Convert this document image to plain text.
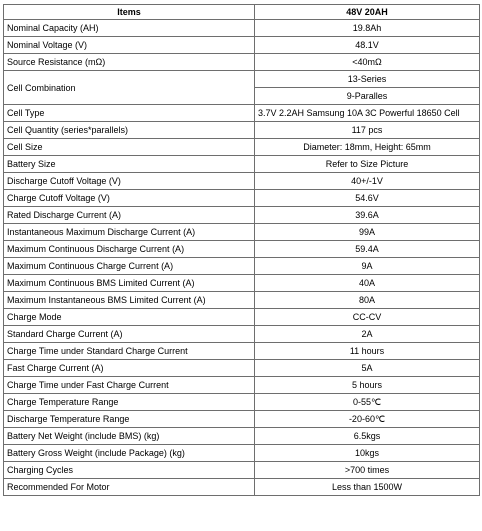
Items	48V 20AH
Nominal Capacity (AH)	19.8Ah
Nominal Voltage (V)	48.1V
Source Resistance (mΩ)	<40mΩ
Cell Combination	13-Series
	9-Paralles
Cell Type	3.7V 2.2AH Samsung 10A 3C Powerful 18650 Cell
Cell Quantity (series*parallels)	117 pcs
Cell Size	Diameter: 18mm, Height: 65mm
Battery Size	Refer to Size Picture
Discharge Cutoff Voltage (V)	40+/-1V
Charge Cutoff Voltage (V)	54.6V
Rated Discharge Current (A)	39.6A
Instantaneous Maximum Discharge Current (A)	99A
Maximum Continuous Discharge Current (A)	59.4A
Maximum Continuous Charge Current (A)	9A
Maximum Continuous BMS Limited Current (A)	40A
Maximum Instantaneous BMS Limited Current (A)	80A
Charge Mode	CC-CV
Standard Charge Current (A)	2A
Charge Time under Standard Charge Current	11 hours
Fast Charge Current (A)	5A
Charge Time under Fast Charge Current	5 hours
Charge Temperature Range	0-55℃
Discharge Temperature Range	-20-60℃
Battery Net Weight (include BMS) (kg)	6.5kgs
Battery Gross Weight (include Package) (kg)	10kgs
Charging Cycles	>700 times
Recommended For Motor	Less than 1500W
